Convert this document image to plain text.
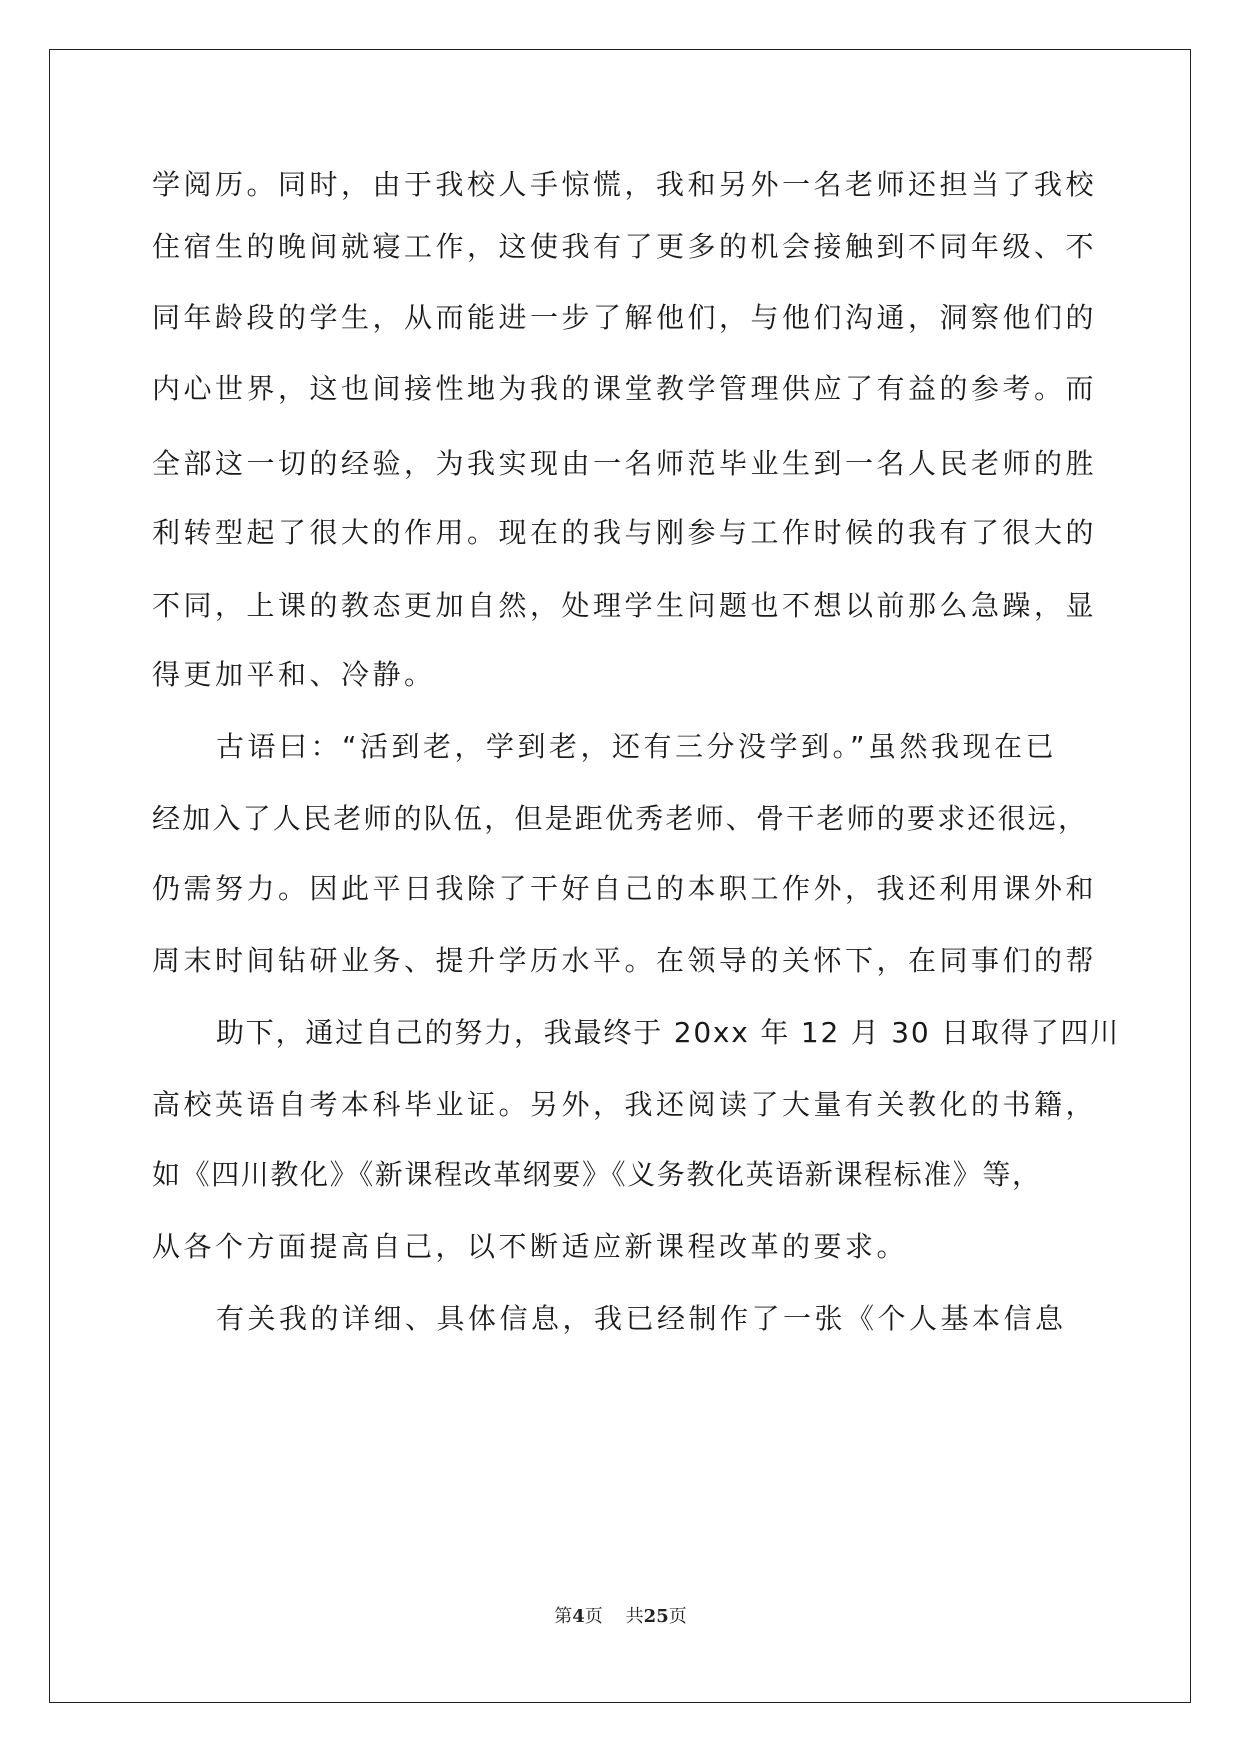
学阅历。同时，由于我校人手惊慌，我和另外一名老师还担当了我校
住宿生的晚间就寝工作，这使我有了更多的机会接触到不同年级、不
同年龄段的学生，从而能进一步了解他们，与他们沟通，洞察他们的
内心世界，这也间接性地为我的课堂教学管理供应了有益的参考。而
全部这一切的经验，为我实现由一名师范毕业生到一名人民老师的胜
利转型起了很大的作用。现在的我与刚参与工作时候的我有了很大的
不同，上课的教态更加自然，处理学生问题也不想以前那么急躁，显
得更加平和、冷静。
古语曰：“活到老，学到老，还有三分没学到。”虽然我现在已
经加入了人民老师的队伍，但是距优秀老师、骨干老师的要求还很远，
仍需努力。因此平日我除了干好自己的本职工作外，我还利用课外和
周末时间钻研业务、提升学历水平。在领导的关怀下，在同事们的帮
助下，通过自己的努力，我最终于 20xx 年 12 月 30 日取得了四川
高校英语自考本科毕业证。另外，我还阅读了大量有关教化的书籍，
如《四川教化》《新课程改革纲要》《义务教化英语新课程标准》等，
从各个方面提高自己，以不断适应新课程改革的要求。
有关我的详细、具体信息，我已经制作了一张《个人基本信息
第4页 共25页
